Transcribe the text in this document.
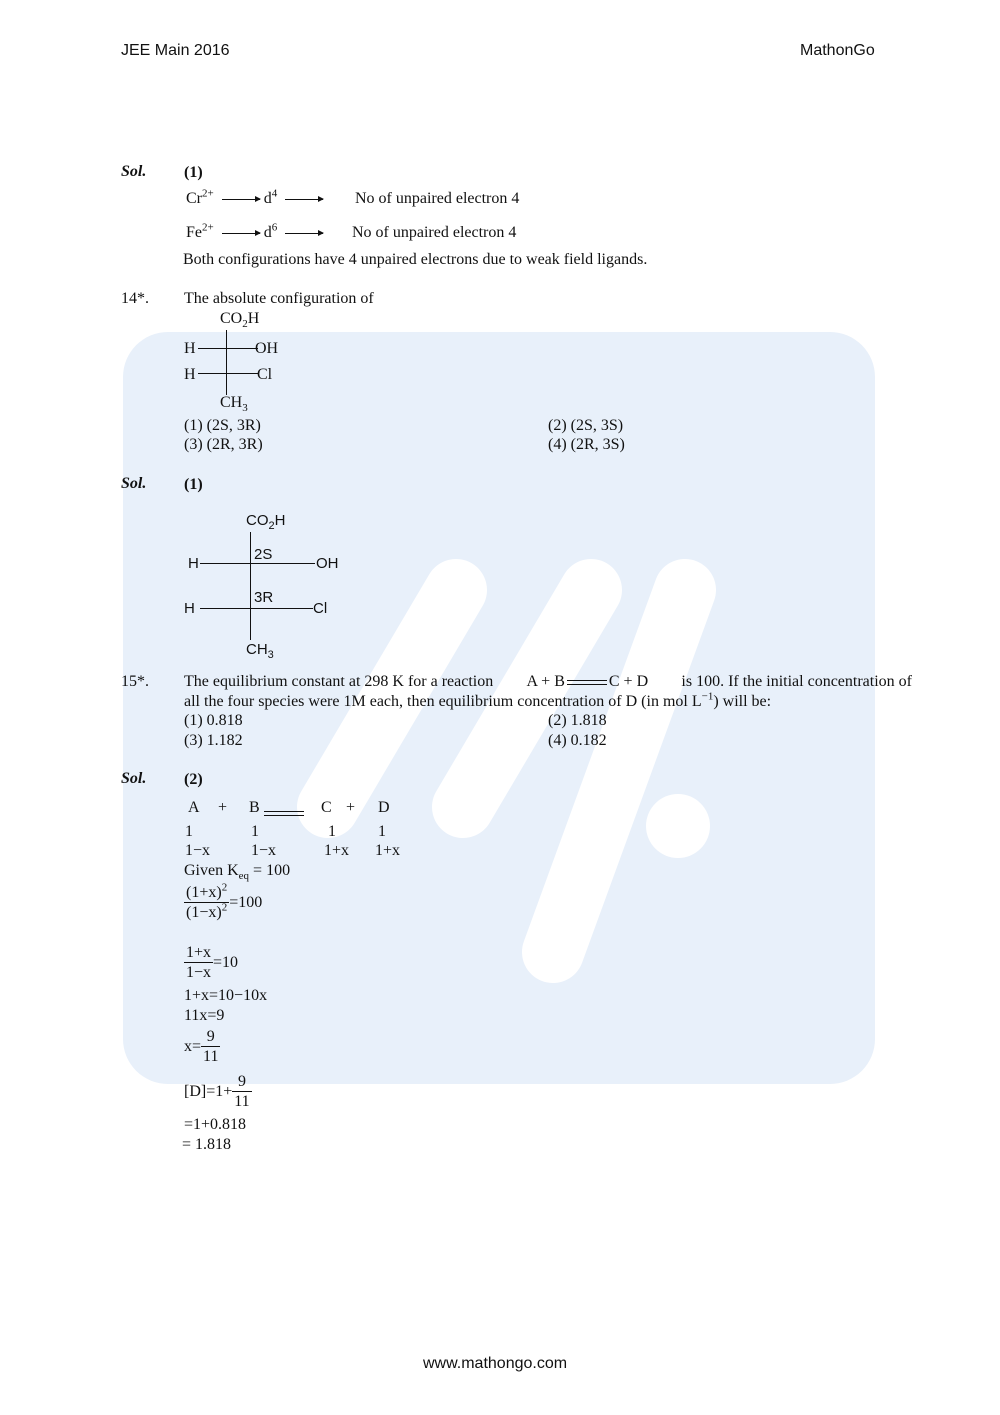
JEE Main 2016	MathonGo
Sol. (1)
$Cr^{2+}$	$d^4$	No of unpaired electron 4
$Fe^{2+}$	$d^6$	No of unpaired electron 4
Both configurations have 4 unpaired electrons due to weak field ligands.
14*. The absolute configuration of
$CO_2H$
H	OH
H	Cl
$CH_3$
(1) (2S, 3R)	(2) (2S, 3S)
(3) (2R, 3R)	(4) (2R, 3S)
Sol. (1)
$CO_2H$
2S
3R
H	OH
H	Cl
$CH_3$
15*. The equilibrium constant at 298 K for a reaction A + B	C + D is 100. If the initial concentration of
all the four species were 1M each, then equilibrium concentration of D (in mol $L^{-1}$) will be:
(1) 0.818	(2) 1.818
(3) 1.182	(4) 0.182
Sol. (2)
A + B	C + D
1	1	1	1
1−x	1−x	1+x 1+x
Given $K_{eq} = 100$
$\frac{(1+x)^2}{(1-x)^2} =100$
$\frac{1+x}{1-x} =10$
1+x=10−10x
11x=9
$x= \frac{9}{11}$
$[D]=1+ \frac{9}{11}$
=1+0.818
= 1.818
www.mathongo.com
